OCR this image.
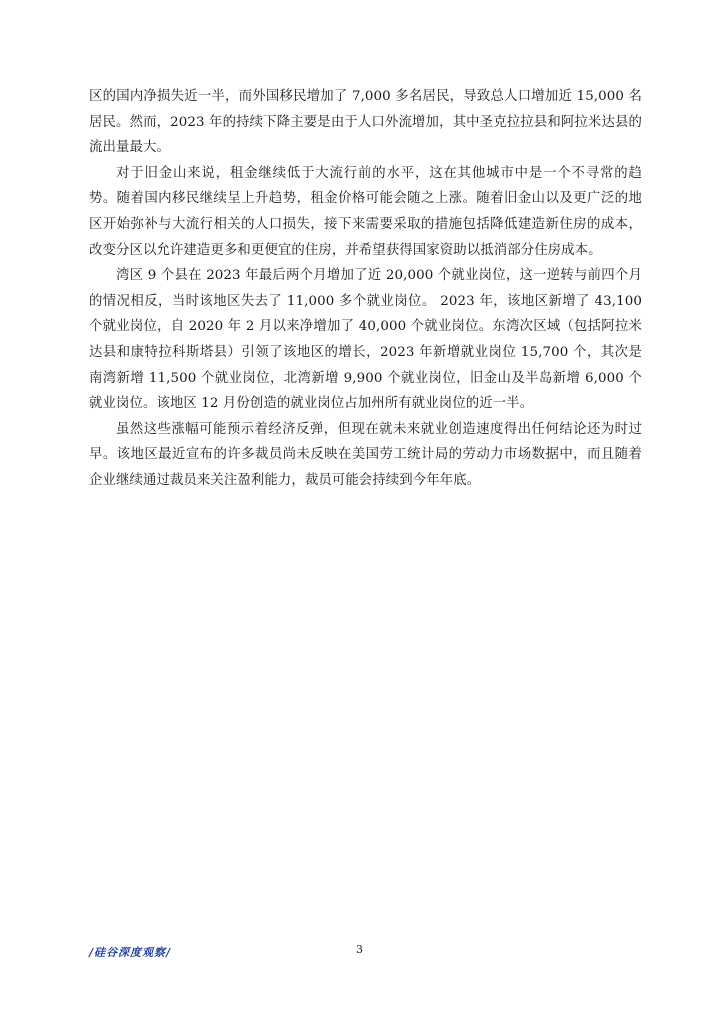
区的国内净损失近一半，而外国移民增加了 7,000 多名居民，导致总人口增加近 15,000 名居民。然而，2023 年的持续下降主要是由于人口外流增加，其中圣克拉拉县和阿拉米达县的流出量最大。

对于旧金山来说，租金继续低于大流行前的水平，这在其他城市中是一个不寻常的趋势。随着国内移民继续呈上升趋势，租金价格可能会随之上涨。随着旧金山以及更广泛的地区开始弥补与大流行相关的人口损失，接下来需要采取的措施包括降低建造新住房的成本，改变分区以允许建造更多和更便宜的住房，并希望获得国家资助以抵消部分住房成本。

湾区 9 个县在 2023 年最后两个月增加了近 20,000 个就业岗位，这一逆转与前四个月的情况相反，当时该地区失去了 11,000 多个就业岗位。 2023 年，该地区新增了 43,100 个就业岗位，自 2020 年 2 月以来净增加了 40,000 个就业岗位。东湾次区域（包括阿拉米达县和康特拉科斯塔县）引领了该地区的增长，2023 年新增就业岗位 15,700 个，其次是南湾新增 11,500 个就业岗位，北湾新增 9,900 个就业岗位，旧金山及半岛新增 6,000 个就业岗位。该地区 12 月份创造的就业岗位占加州所有就业岗位的近一半。

虽然这些涨幅可能预示着经济反弹，但现在就未来就业创造速度得出任何结论还为时过早。该地区最近宣布的许多裁员尚未反映在美国劳工统计局的劳动力市场数据中，而且随着企业继续通过裁员来关注盈利能力，裁员可能会持续到今年年底。

/硅谷深度观察/	3
